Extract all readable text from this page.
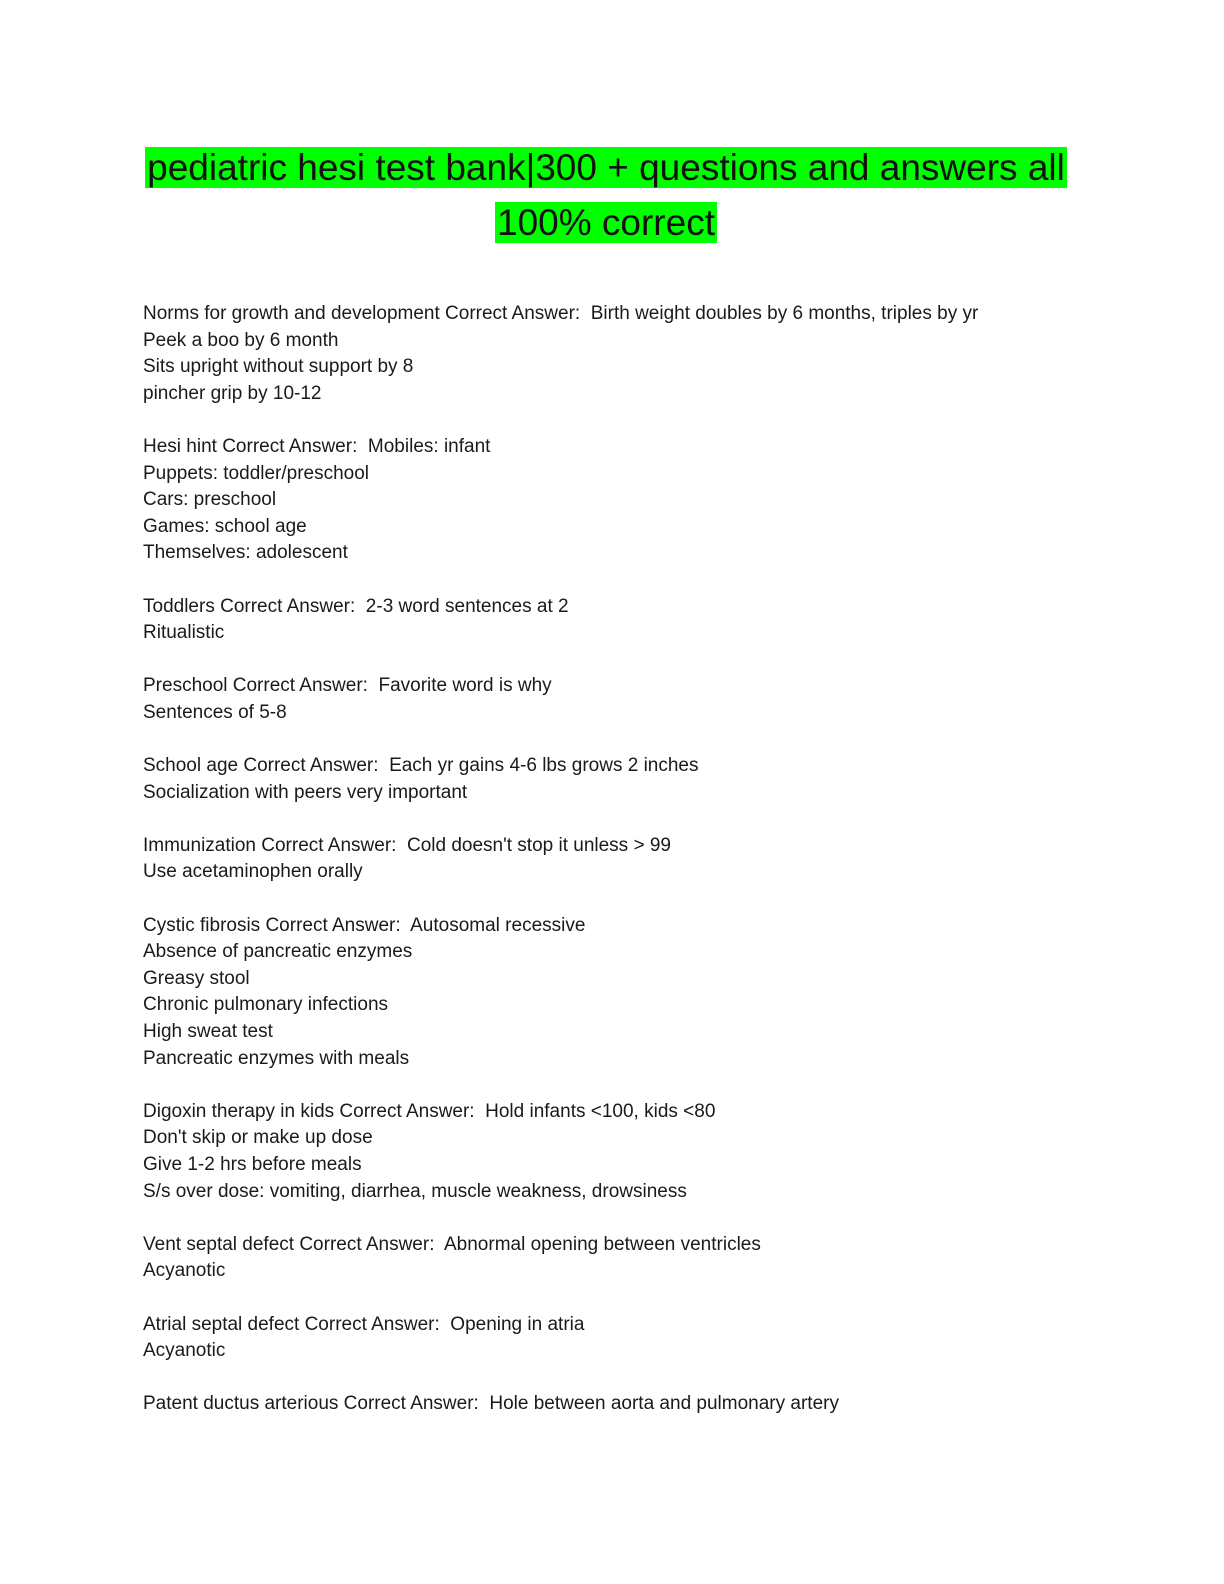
pediatric hesi test bank|300 + questions and answers all
100% correct
Norms for growth and development Correct Answer:  Birth weight doubles by 6 months, triples by yr
Peek a boo by 6 month
Sits upright without support by 8
pincher grip by 10-12
Hesi hint Correct Answer:  Mobiles: infant
Puppets: toddler/preschool
Cars: preschool
Games: school age
Themselves: adolescent
Toddlers Correct Answer:  2-3 word sentences at 2
Ritualistic
Preschool Correct Answer:  Favorite word is why
Sentences of 5-8
School age Correct Answer:  Each yr gains 4-6 lbs grows 2 inches
Socialization with peers very important
Immunization Correct Answer:  Cold doesn't stop it unless > 99
Use acetaminophen orally
Cystic fibrosis Correct Answer:  Autosomal recessive
Absence of pancreatic enzymes
Greasy stool
Chronic pulmonary infections
High sweat test
Pancreatic enzymes with meals
Digoxin therapy in kids Correct Answer:  Hold infants <100, kids <80
Don't skip or make up dose
Give 1-2 hrs before meals
S/s over dose: vomiting, diarrhea, muscle weakness, drowsiness
Vent septal defect Correct Answer:  Abnormal opening between ventricles
Acyanotic
Atrial septal defect Correct Answer:  Opening in atria
Acyanotic
Patent ductus arterious Correct Answer:  Hole between aorta and pulmonary artery
